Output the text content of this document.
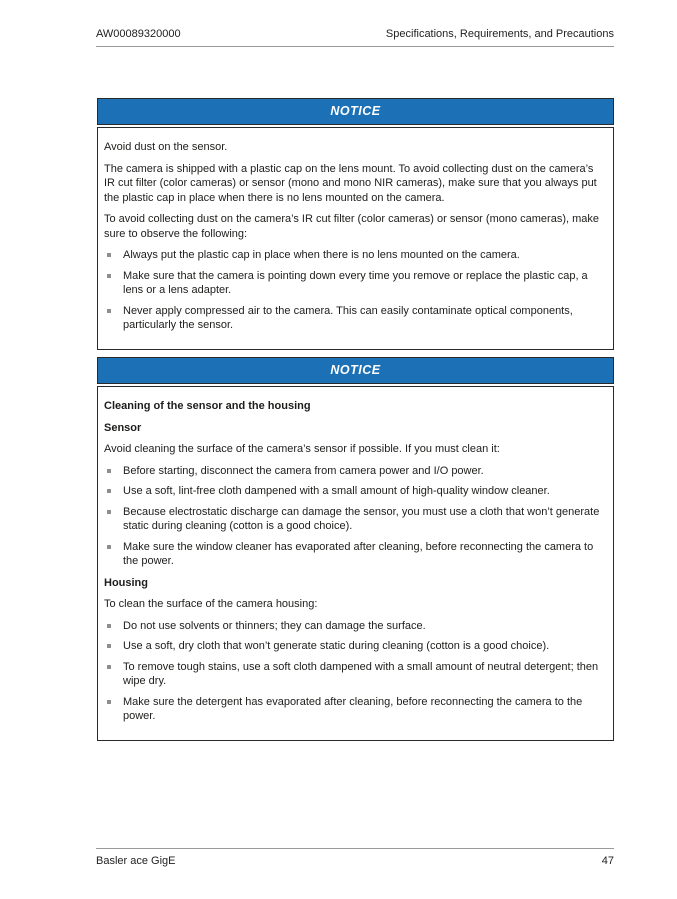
AW00089320000	Specifications, Requirements, and Precautions
NOTICE

Avoid dust on the sensor.

The camera is shipped with a plastic cap on the lens mount. To avoid collecting dust on the camera’s IR cut filter (color cameras) or sensor (mono and mono NIR cameras), make sure that you always put the plastic cap in place when there is no lens mounted on the camera.

To avoid collecting dust on the camera’s IR cut filter (color cameras) or sensor (mono cameras), make sure to observe the following:

Always put the plastic cap in place when there is no lens mounted on the camera.
Make sure that the camera is pointing down every time you remove or replace the plastic cap, a lens or a lens adapter.
Never apply compressed air to the camera. This can easily contaminate optical components, particularly the sensor.
NOTICE

Cleaning of the sensor and the housing

Sensor

Avoid cleaning the surface of the camera’s sensor if possible. If you must clean it:

Before starting, disconnect the camera from camera power and I/O power.
Use a soft, lint-free cloth dampened with a small amount of high-quality window cleaner.
Because electrostatic discharge can damage the sensor, you must use a cloth that won’t generate static during cleaning (cotton is a good choice).
Make sure the window cleaner has evaporated after cleaning, before reconnecting the camera to the power.

Housing

To clean the surface of the camera housing:

Do not use solvents or thinners; they can damage the surface.
Use a soft, dry cloth that won’t generate static during cleaning (cotton is a good choice).
To remove tough stains, use a soft cloth dampened with a small amount of neutral detergent; then wipe dry.
Make sure the detergent has evaporated after cleaning, before reconnecting the camera to the power.
Basler ace GigE	47
